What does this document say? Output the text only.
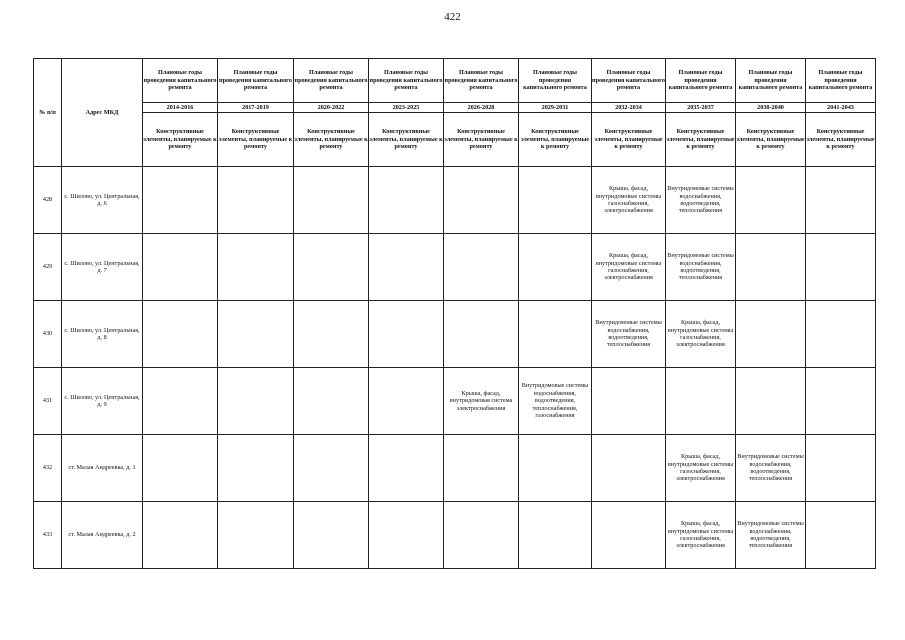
422
№ п/п	Адрес МКД	Плановые годы проведения капитального ремонта	Плановые годы проведения капитального ремонта	Плановые годы проведения капитального ремонта	Плановые годы проведения капитального ремонта	Плановые годы проведения капитального ремонта	Плановые годы проведения капитального ремонта	Плановые годы проведения капитального ремонта	Плановые годы проведения капитального ремонта	Плановые годы проведения капитального ремонта	Плановые годы проведения капитального ремонта
		2014-2016	2017-2019	2020-2022	2023-2025	2026-2028	2029-2031	2032-2034	2035-2037	2038-2040	2041-2043
		Конструктивные элементы, планируемые к ремонту	Конструктивные элементы, планируемые к ремонту	Конструктивные элементы, планируемые к ремонту	Конструктивные элементы, планируемые к ремонту	Конструктивные элементы, планируемые к ремонту	Конструктивные элементы, планируемые к ремонту	Конструктивные элементы, планируемые к ремонту	Конструктивные элементы, планируемые к ремонту	Конструктивные элементы, планируемые к ремонту	Конструктивные элементы, планируемые к ремонту
428	с. Шилово, ул. Центральная, д. 6							Крыша, фасад, внутридомовые системы газоснабжения, электроснабжения	Внутридомовые системы водоснабжения, водоотведения, теплоснабжения		
429	с. Шилово, ул. Центральная, д. 7							Крыша, фасад, внутридомовые системы газоснабжения, электроснабжения	Внутридомовые системы водоснабжения, водоотведения, теплоснабжения		
430	с. Шилово, ул. Центральная, д. 8							Внутридомовые системы водоснабжения, водоотведения, теплоснабжения	Крыша, фасад, внутридомовые системы газоснабжения, электроснабжения		
431	с. Шилово, ул. Центральная, д. 9					Крыша, фасад, внутридомовая система электроснабжения	Внутридомовые системы водоснабжения, водоотведения, теплоснабжения, газоснабжения				
432	ст. Малая Андреевка, д. 1								Крыша, фасад, внутридомовые системы газоснабжения, электроснабжения	Внутридомовые системы водоснабжения, водоотведения, теплоснабжения	
433	ст. Малая Андреевка, д. 2								Крыша, фасад, внутридомовые системы газоснабжения, электроснабжения	Внутридомовые системы водоснабжения, водоотведения, теплоснабжения	
